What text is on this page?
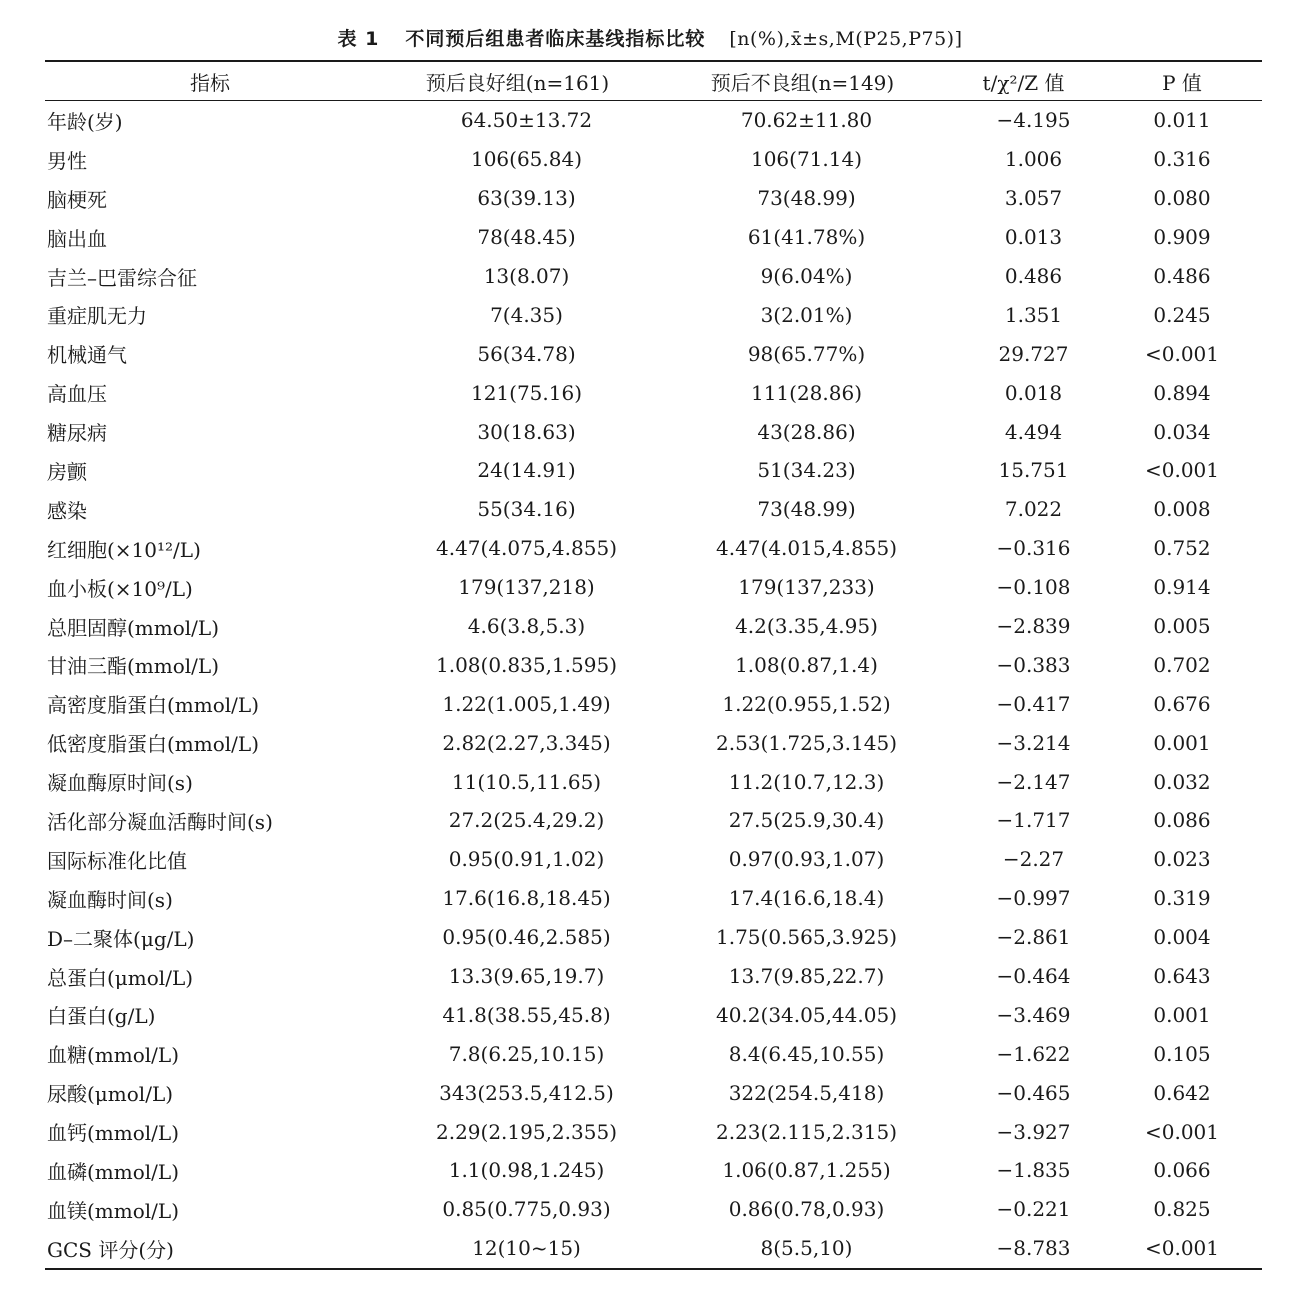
表 1 不同预后组患者临床基线指标比较 [n(%),x̄±s,M(P25,P75)]
指标	预后良好组(n=161)	预后不良组(n=149)	t/χ²/Z 值	P 值
年龄(岁)	64.50±13.72	70.62±11.80	−4.195	0.011
男性	106(65.84)	106(71.14)	1.006	0.316
脑梗死	63(39.13)	73(48.99)	3.057	0.080
脑出血	78(48.45)	61(41.78%)	0.013	0.909
吉兰–巴雷综合征	13(8.07)	9(6.04%)	0.486	0.486
重症肌无力	7(4.35)	3(2.01%)	1.351	0.245
机械通气	56(34.78)	98(65.77%)	29.727	<0.001
高血压	121(75.16)	111(28.86)	0.018	0.894
糖尿病	30(18.63)	43(28.86)	4.494	0.034
房颤	24(14.91)	51(34.23)	15.751	<0.001
感染	55(34.16)	73(48.99)	7.022	0.008
红细胞(×10¹²/L)	4.47(4.075,4.855)	4.47(4.015,4.855)	−0.316	0.752
血小板(×10⁹/L)	179(137,218)	179(137,233)	−0.108	0.914
总胆固醇(mmol/L)	4.6(3.8,5.3)	4.2(3.35,4.95)	−2.839	0.005
甘油三酯(mmol/L)	1.08(0.835,1.595)	1.08(0.87,1.4)	−0.383	0.702
高密度脂蛋白(mmol/L)	1.22(1.005,1.49)	1.22(0.955,1.52)	−0.417	0.676
低密度脂蛋白(mmol/L)	2.82(2.27,3.345)	2.53(1.725,3.145)	−3.214	0.001
凝血酶原时间(s)	11(10.5,11.65)	11.2(10.7,12.3)	−2.147	0.032
活化部分凝血活酶时间(s)	27.2(25.4,29.2)	27.5(25.9,30.4)	−1.717	0.086
国际标准化比值	0.95(0.91,1.02)	0.97(0.93,1.07)	−2.27	0.023
凝血酶时间(s)	17.6(16.8,18.45)	17.4(16.6,18.4)	−0.997	0.319
D–二聚体(μg/L)	0.95(0.46,2.585)	1.75(0.565,3.925)	−2.861	0.004
总蛋白(μmol/L)	13.3(9.65,19.7)	13.7(9.85,22.7)	−0.464	0.643
白蛋白(g/L)	41.8(38.55,45.8)	40.2(34.05,44.05)	−3.469	0.001
血糖(mmol/L)	7.8(6.25,10.15)	8.4(6.45,10.55)	−1.622	0.105
尿酸(μmol/L)	343(253.5,412.5)	322(254.5,418)	−0.465	0.642
血钙(mmol/L)	2.29(2.195,2.355)	2.23(2.115,2.315)	−3.927	<0.001
血磷(mmol/L)	1.1(0.98,1.245)	1.06(0.87,1.255)	−1.835	0.066
血镁(mmol/L)	0.85(0.775,0.93)	0.86(0.78,0.93)	−0.221	0.825
GCS 评分(分)	12(10~15)	8(5.5,10)	−8.783	<0.001
